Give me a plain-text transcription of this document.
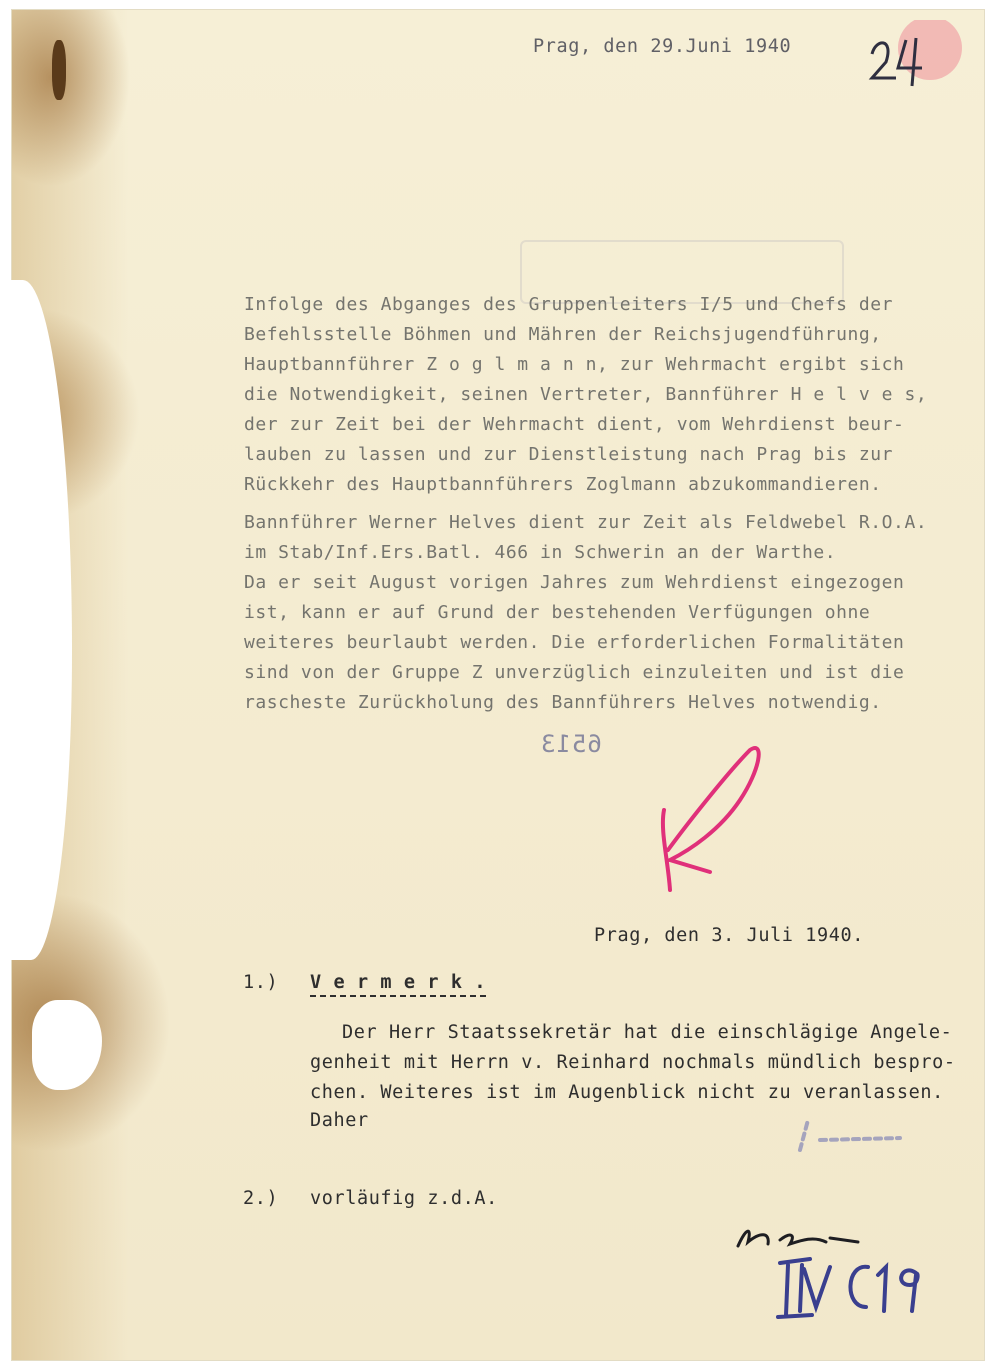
Prag, den 29.Juni 1940
Infolge des Abganges des Gruppenleiters I/5 und Chefs der
Befehlsstelle Böhmen und Mähren der Reichsjugendführung,
Hauptbannführer Z o g l m a n n, zur Wehrmacht ergibt sich
die Notwendigkeit, seinen Vertreter, Bannführer H e l v e s,
der zur Zeit bei der Wehrmacht dient, vom Wehrdienst beur-
lauben zu lassen und zur Dienstleistung nach Prag bis zur
Rückkehr des Hauptbannführers Zoglmann abzukommandieren.
Bannführer Werner Helves dient zur Zeit als Feldwebel R.O.A.
im Stab/Inf.Ers.Batl. 466 in Schwerin an der Warthe.
Da er seit August vorigen Jahres zum Wehrdienst eingezogen
ist, kann er auf Grund der bestehenden Verfügungen ohne
weiteres beurlaubt werden. Die erforderlichen Formalitäten
sind von der Gruppe Z unverzüglich einzuleiten und ist die
rascheste Zurückholung des Bannführers Helves notwendig.
6513
Prag, den 3. Juli 1940.
1.) V e r m e r k .
Der Herr Staatssekretär hat die einschlägige Angele-
genheit mit Herrn v. Reinhard nochmals mündlich bespro-
chen. Weiteres ist im Augenblick nicht zu veranlassen.
Daher
2.) vorläufig z.d.A.
